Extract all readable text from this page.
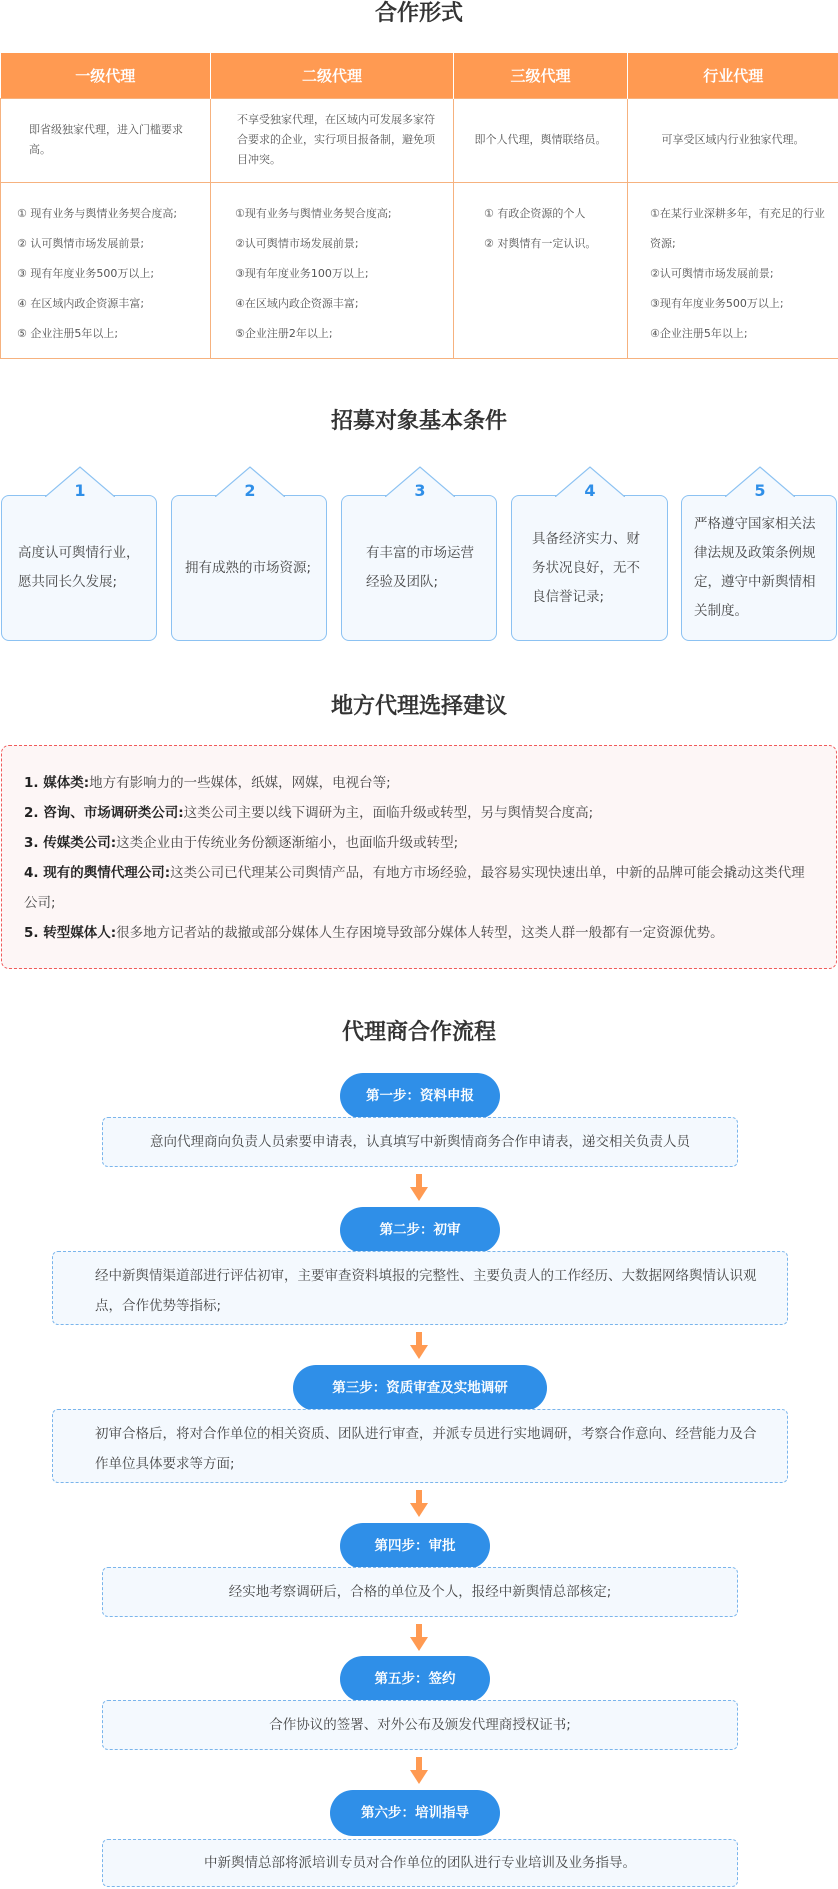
合作形式
一级代理	二级代理	三级代理	行业代理
即省级独家代理，进入门槛要求高。	不享受独家代理，在区域内可发展多家符合要求的企业，实行项目报备制，避免项目冲突。	即个人代理，舆情联络员。	可享受区域内行业独家代理。

① 现有业务与舆情业务契合度高;
② 认可舆情市场发展前景;
③ 现有年度业务500万以上;
④ 在区域内政企资源丰富;
⑤ 企业注册5年以上;	①现有业务与舆情业务契合度高;
②认可舆情市场发展前景;
③现有年度业务100万以上;
④在区域内政企资源丰富;
⑤企业注册2年以上;	① 有政企资源的个人
② 对舆情有一定认识。	①在某行业深耕多年，有充足的行业资源;
②认可舆情市场发展前景;
③现有年度业务500万以上;
④企业注册5年以上;
招募对象基本条件
1
高度认可舆情行业，愿共同长久发展;
2
拥有成熟的市场资源;
3
有丰富的市场运营经验及团队;
4
具备经济实力、财务状况良好，无不良信誉记录;
5
严格遵守国家相关法律法规及政策条例规定，遵守中新舆情相关制度。
地方代理选择建议
1. 媒体类:地方有影响力的一些媒体，纸媒，网媒，电视台等;
2. 咨询、市场调研类公司:这类公司主要以线下调研为主，面临升级或转型，另与舆情契合度高;
3. 传媒类公司:这类企业由于传统业务份额逐渐缩小，也面临升级或转型;
4. 现有的舆情代理公司:这类公司已代理某公司舆情产品，有地方市场经验，最容易实现快速出单，中新的品牌可能会撬动这类代理公司;
5. 转型媒体人:很多地方记者站的裁撤或部分媒体人生存困境导致部分媒体人转型，这类人群一般都有一定资源优势。
代理商合作流程
第一步：资料申报
意向代理商向负责人员索要申请表，认真填写中新舆情商务合作申请表，递交相关负责人员
第二步：初审
经中新舆情渠道部进行评估初审，主要审查资料填报的完整性、主要负责人的工作经历、大数据网络舆情认识观点，合作优势等指标;
第三步：资质审查及实地调研
初审合格后，将对合作单位的相关资质、团队进行审查，并派专员进行实地调研，考察合作意向、经营能力及合作单位具体要求等方面;
第四步：审批
经实地考察调研后，合格的单位及个人，报经中新舆情总部核定;
第五步：签约
合作协议的签署、对外公布及颁发代理商授权证书;
第六步：培训指导
中新舆情总部将派培训专员对合作单位的团队进行专业培训及业务指导。
